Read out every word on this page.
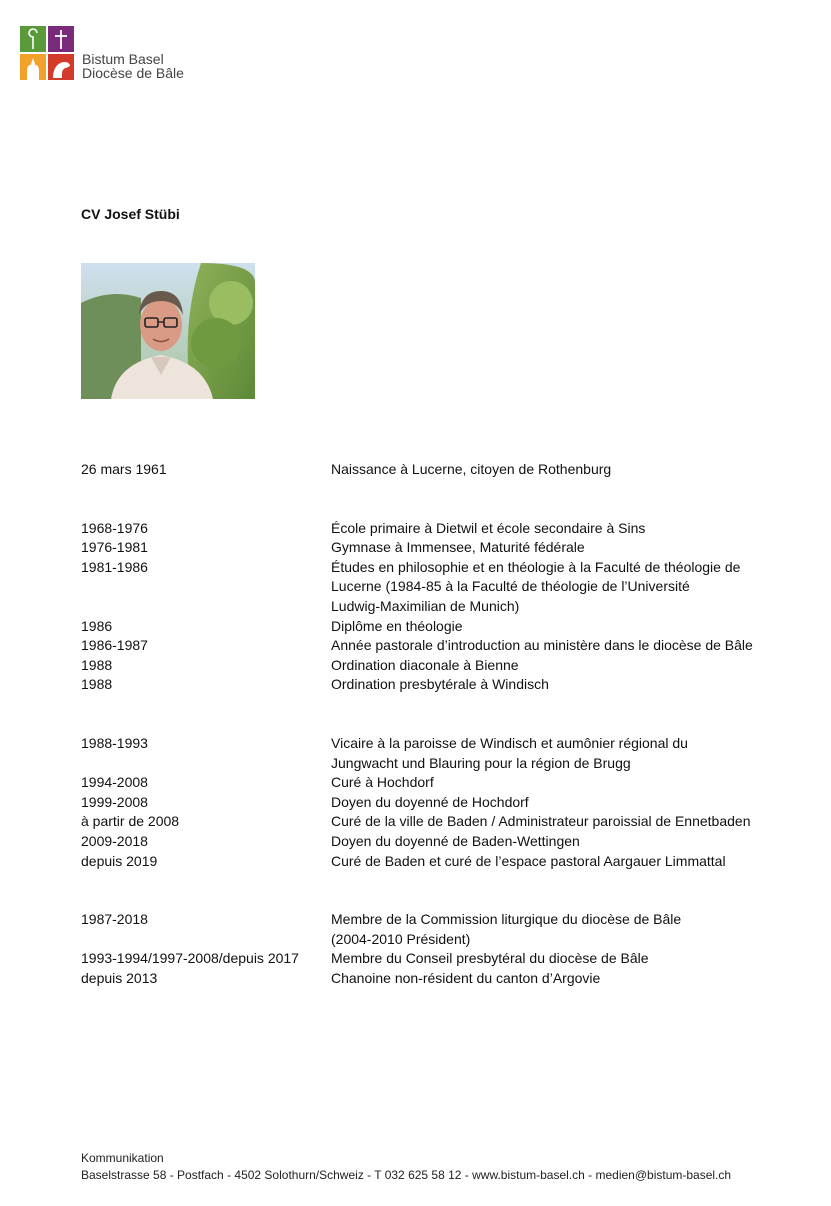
Bistum Basel
Diocèse de Bâle
CV Josef Stübi
26 mars 1961	Naissance à Lucerne, citoyen de Rothenburg
1968-1976	École primaire à Dietwil et école secondaire à Sins
1976-1981	Gymnase à Immensee, Maturité fédérale
1981-1986	Études en philosophie et en théologie à la Faculté de théologie de
Lucerne (1984-85 à la Faculté de théologie de l’Université
Ludwig-Maximilian de Munich)
1986	Diplôme en théologie
1986-1987	Année pastorale d’introduction au ministère dans le diocèse de Bâle
1988	Ordination diaconale à Bienne
1988	Ordination presbytérale à Windisch
1988-1993	Vicaire à la paroisse de Windisch et aumônier régional du
Jungwacht und Blauring pour la région de Brugg
1994-2008	Curé à Hochdorf
1999-2008	Doyen du doyenné de Hochdorf
à partir de 2008	Curé de la ville de Baden / Administrateur paroissial de Ennetbaden
2009-2018	Doyen du doyenné de Baden-Wettingen
depuis 2019	Curé de Baden et curé de l’espace pastoral Aargauer Limmattal
1987-2018	Membre de la Commission liturgique du diocèse de Bâle
(2004-2010 Président)
1993-1994/1997-2008/depuis 2017	Membre du Conseil presbytéral du diocèse de Bâle
depuis 2013	Chanoine non-résident du canton d’Argovie
Kommunikation
Baselstrasse 58 - Postfach - 4502 Solothurn/Schweiz - T 032 625 58 12 - www.bistum-basel.ch - medien@bistum-basel.ch
